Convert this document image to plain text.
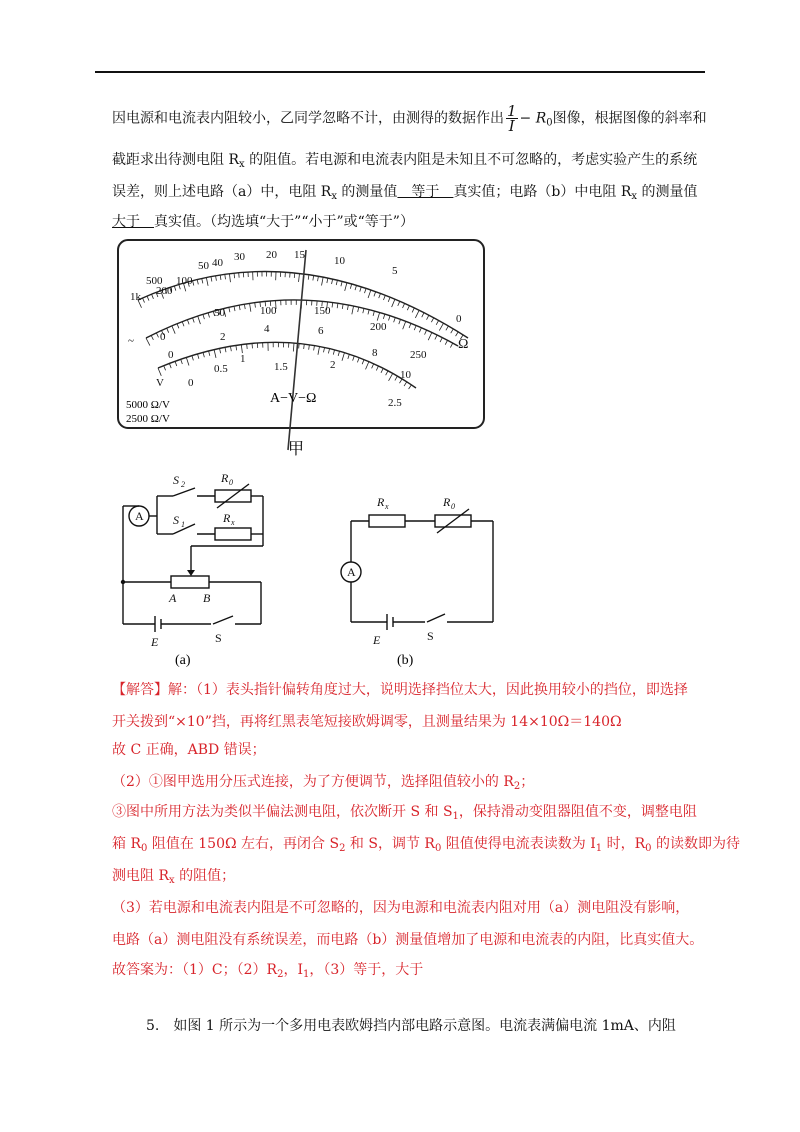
因电源和电流表内阻较小，乙同学忽略不计，由测得的数据作出 $\frac{1}{I} - R_0$图像，根据图像的斜率和
截距求出待测电阻 $R_x$ 的阻值。若电源和电流表内阻是未知且不可忽略的，考虑实验产生的系统
误差，则上述电路（a）中，电阻 $R_x$ 的测量值　等于　真实值；电路（b）中电阻 $R_x$ 的测量值
大于　真实值。（均选填“大于”“小于”或“等于”）
1k
500
200
100
50 40 30 20 15	10
5
0
Ω
~ 0
50	100	150
200
250
0
2
4	6
8
10
V 0
0.5
1
1.5	2
2.5
A−V−Ω
5000 Ω/V
2500 Ω/V
甲
A
S 2
S 1
R 0
R x
A B
E	S
(a)
A
R x	R 0
E	S
(b)
【解答】解：（1）表头指针偏转角度过大，说明选择挡位太大，因此换用较小的挡位，即选择
开关拨到“×10”挡，再将红黑表笔短接欧姆调零，且测量结果为 14×10Ω＝140Ω
故 C 正确，ABD 错误；
（2）①图甲选用分压式连接，为了方便调节，选择阻值较小的 $R_2$；
③图中所用方法为类似半偏法测电阻，依次断开 S 和 $S_1$，保持滑动变阻器阻值不变，调整电阻
箱 $R_0$ 阻值在 150Ω 左右，再闭合 $S_2$ 和 S，调节 $R_0$ 阻值使得电流表读数为 $I_1$ 时，$R_0$ 的读数即为待
测电阻 $R_x$ 的阻值；
（3）若电源和电流表内阻是不可忽略的，因为电源和电流表内阻对用（a）测电阻没有影响，
电路（a）测电阻没有系统误差，而电路（b）测量值增加了电源和电流表的内阻，比真实值大。
故答案为：（1）C；$(2)R_2$，$I_1$，（3）等于，大于
5.　如图 1 所示为一个多用电表欧姆挡内部电路示意图。电流表满偏电流 1mA、内阻
